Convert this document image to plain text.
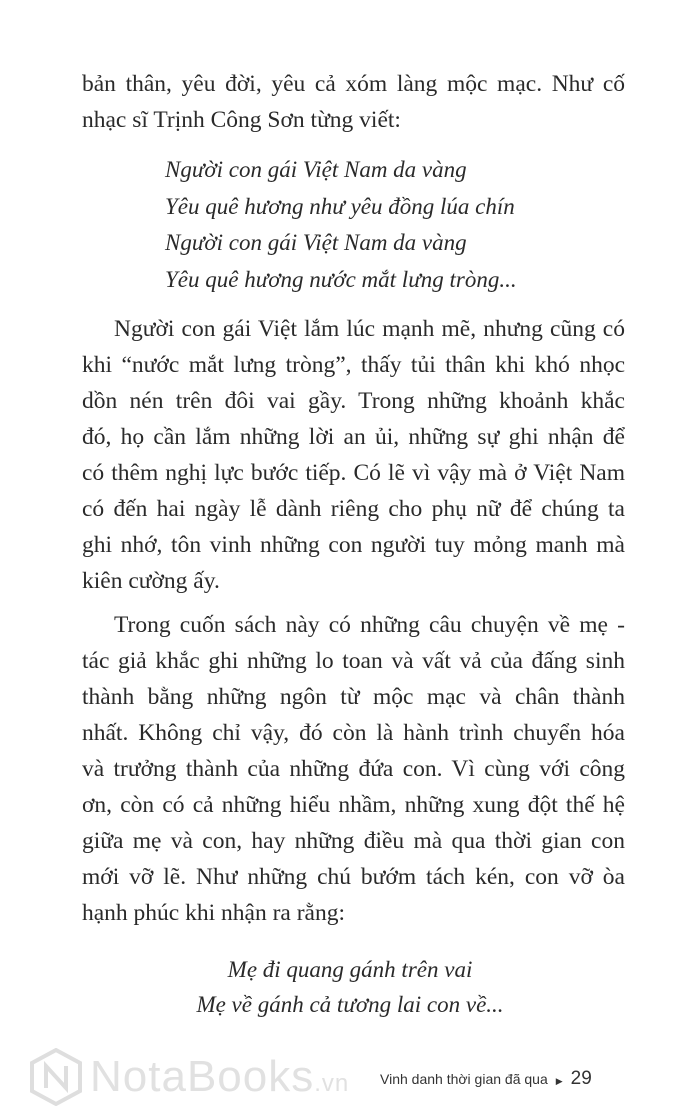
NotaBooks.vn
bản thân, yêu đời, yêu cả xóm làng mộc mạc. Như cố
nhạc sĩ Trịnh Công Sơn từng viết:
Người con gái Việt Nam da vàng
Yêu quê hương như yêu đồng lúa chín
Người con gái Việt Nam da vàng
Yêu quê hương nước mắt lưng tròng...
Người con gái Việt lắm lúc mạnh mẽ, nhưng cũng có
khi “nước mắt lưng tròng”, thấy tủi thân khi khó nhọc
dồn nén trên đôi vai gầy. Trong những khoảnh khắc
đó, họ cần lắm những lời an ủi, những sự ghi nhận để
có thêm nghị lực bước tiếp. Có lẽ vì vậy mà ở Việt Nam
có đến hai ngày lễ dành riêng cho phụ nữ để chúng ta
ghi nhớ, tôn vinh những con người tuy mỏng manh mà
kiên cường ấy.
Trong cuốn sách này có những câu chuyện về mẹ -
tác giả khắc ghi những lo toan và vất vả của đấng sinh
thành bằng những ngôn từ mộc mạc và chân thành
nhất. Không chỉ vậy, đó còn là hành trình chuyển hóa
và trưởng thành của những đứa con. Vì cùng với công
ơn, còn có cả những hiểu nhầm, những xung đột thế hệ
giữa mẹ và con, hay những điều mà qua thời gian con
mới vỡ lẽ. Như những chú bướm tách kén, con vỡ òa
hạnh phúc khi nhận ra rằng:
Mẹ đi quang gánh trên vai
Mẹ về gánh cả tương lai con về...
Vinh danh thời gian đã qua ▶ 29
